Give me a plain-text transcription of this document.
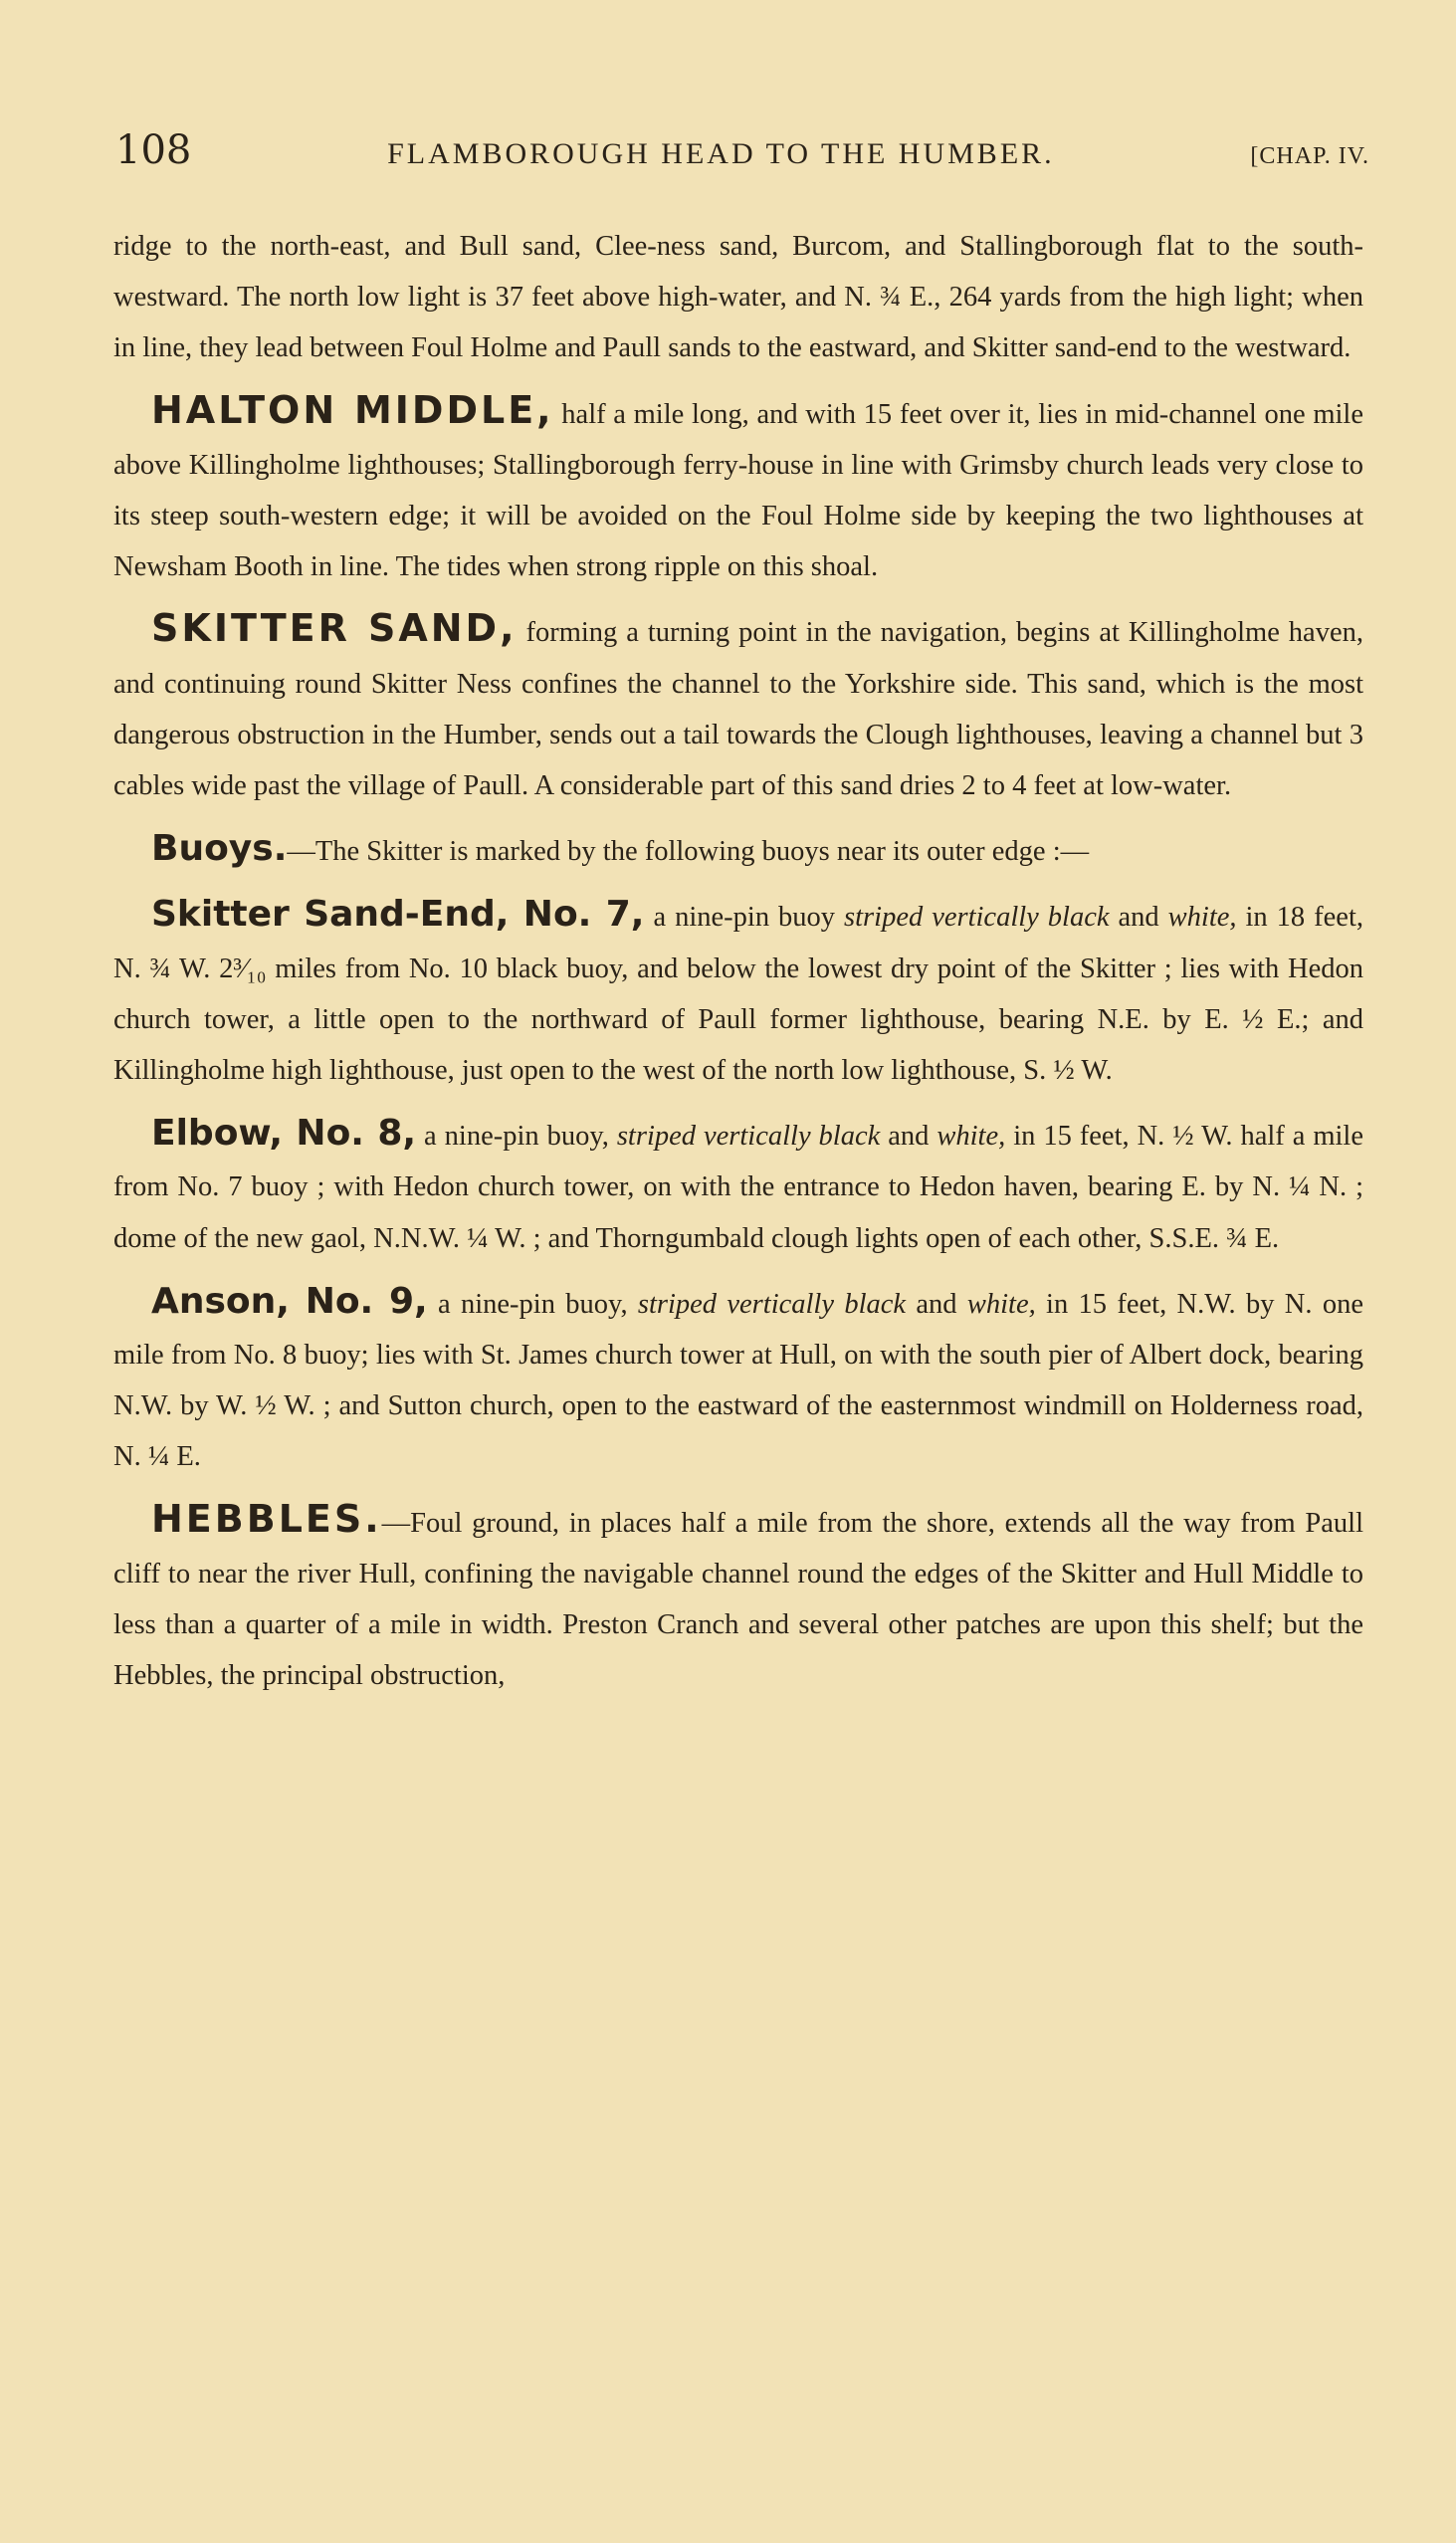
108	FLAMBOROUGH HEAD TO THE HUMBER.	[CHAP. IV.

ridge to the north-east, and Bull sand, Clee-ness sand, Burcom, and Stallingborough flat to the south-westward. The north low light is 37 feet above high-water, and N. ¾ E., 264 yards from the high light; when in line, they lead between Foul Holme and Paull sands to the eastward, and Skitter sand-end to the westward.

HALTON MIDDLE, half a mile long, and with 15 feet over it, lies in mid-channel one mile above Killingholme lighthouses; Stallingborough ferry-house in line with Grimsby church leads very close to its steep south-western edge; it will be avoided on the Foul Holme side by keeping the two lighthouses at Newsham Booth in line. The tides when strong ripple on this shoal.

SKITTER SAND, forming a turning point in the navigation, begins at Killingholme haven, and continuing round Skitter Ness confines the channel to the Yorkshire side. This sand, which is the most dangerous obstruction in the Humber, sends out a tail towards the Clough lighthouses, leaving a channel but 3 cables wide past the village of Paull. A considerable part of this sand dries 2 to 4 feet at low-water.

Buoys.—The Skitter is marked by the following buoys near its outer edge :—

Skitter Sand-End, No. 7, a nine-pin buoy striped vertically black and white, in 18 feet, N. ¾ W. 2³⁄₁₀ miles from No. 10 black buoy, and below the lowest dry point of the Skitter ; lies with Hedon church tower, a little open to the northward of Paull former lighthouse, bearing N.E. by E. ½ E.; and Killingholme high lighthouse, just open to the west of the north low lighthouse, S. ½ W.

Elbow, No. 8, a nine-pin buoy, striped vertically black and white, in 15 feet, N. ½ W. half a mile from No. 7 buoy ; with Hedon church tower, on with the entrance to Hedon haven, bearing E. by N. ¼ N. ; dome of the new gaol, N.N.W. ¼ W. ; and Thorngumbald clough lights open of each other, S.S.E. ¾ E.

Anson, No. 9, a nine-pin buoy, striped vertically black and white, in 15 feet, N.W. by N. one mile from No. 8 buoy; lies with St. James church tower at Hull, on with the south pier of Albert dock, bearing N.W. by W. ½ W. ; and Sutton church, open to the eastward of the easternmost windmill on Holderness road, N. ¼ E.

HEBBLES.—Foul ground, in places half a mile from the shore, extends all the way from Paull cliff to near the river Hull, confining the navigable channel round the edges of the Skitter and Hull Middle to less than a quarter of a mile in width. Preston Cranch and several other patches are upon this shelf; but the Hebbles, the principal obstruction,
